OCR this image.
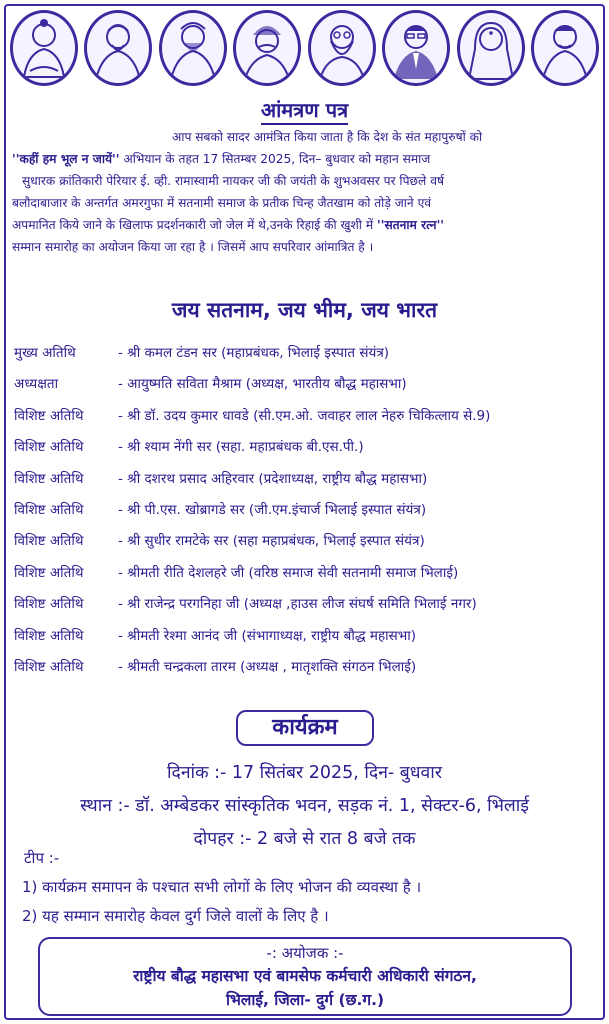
आंमत्रण पत्र
आप सबको सादर आमंत्रित किया जाता है कि देश के संत महापुरुषों को
''कहीं हम भूल न जायें'' अभियान के तहत 17 सितम्बर 2025, दिन– बुधवार को महान समाज
सुधारक क्रांतिकारी पेरियार ई. व्ही. रामास्वामी नायकर जी की जयंती के शुभअवसर पर पिछले वर्ष
बलौदाबाजार के अन्तर्गत अमरगुफा में सतनामी समाज के प्रतीक चिन्ह जैतखाम को तोड़े जाने एवं
अपमानित किये जाने के खिलाफ प्रदर्शनकारी जो जेल में थे,उनके रिहाई की खुशी में ''सतनाम रत्न''
सम्मान समारोह का अयोजन किया जा रहा है । जिसमें आप सपरिवार आंमात्रित है ।
जय सतनाम, जय भीम, जय भारत
मुख्य अतिथि	- श्री कमल टंडन सर (महाप्रबंधक, भिलाई इस्पात संयंत्र)
अध्यक्षता	- आयुष्मति सविता मैश्राम (अध्यक्ष, भारतीय बौद्ध महासभा)
विशिष्ट अतिथि	- श्री डॉ. उदय कुमार धावडे (सी.एम.ओ. जवाहर लाल नेहरु चिकित्लाय से.9)
विशिष्ट अतिथि	- श्री श्याम नेंगी सर (सहा. महाप्रबंधक बी.एस.पी.)
विशिष्ट अतिथि	- श्री दशरथ प्रसाद अहिरवार (प्रदेशाध्यक्ष, राष्ट्रीय बौद्ध महासभा)
विशिष्ट अतिथि	- श्री पी.एस. खोब्रागडे सर (जी.एम.इंचार्ज भिलाई इस्पात संयंत्र)
विशिष्ट अतिथि	- श्री सुधीर रामटेके सर (सहा महाप्रबंधक, भिलाई इस्पात संयंत्र)
विशिष्ट अतिथि	- श्रीमती रीति देशलहरे जी (वरिष्ठ समाज सेवी सतनामी समाज भिलाई)
विशिष्ट अतिथि	- श्री राजेन्द्र परगनिहा जी (अध्यक्ष ,हाउस लीज संघर्ष समिति भिलाई नगर)
विशिष्ट अतिथि	- श्रीमती रेश्मा आनंद जी (संभागाध्यक्ष, राष्ट्रीय बौद्ध महासभा)
विशिष्ट अतिथि	- श्रीमती चन्द्रकला तारम (अध्यक्ष , मातृशक्ति संगठन भिलाई)
कार्यक्रम
दिनांक :- 17 सितंबर 2025, दिन- बुधवार
स्थान :- डॉ. अम्बेडकर सांस्कृतिक भवन, सड़क नं. 1, सेक्टर-6, भिलाई
दोपहर :- 2 बजे से रात 8 बजे तक
टीप :-
1) कार्यक्रम समापन के पश्चात सभी लोगों के लिए भोजन की व्यवस्था है ।
2) यह सम्मान समारोह केवल दुर्ग जिले वालों के लिए है ।
-: अयोजक :-
राष्ट्रीय बौद्ध महासभा एवं बामसेफ कर्मचारी अधिकारी संगठन,
भिलाई, जिला- दुर्ग (छ.ग.)
